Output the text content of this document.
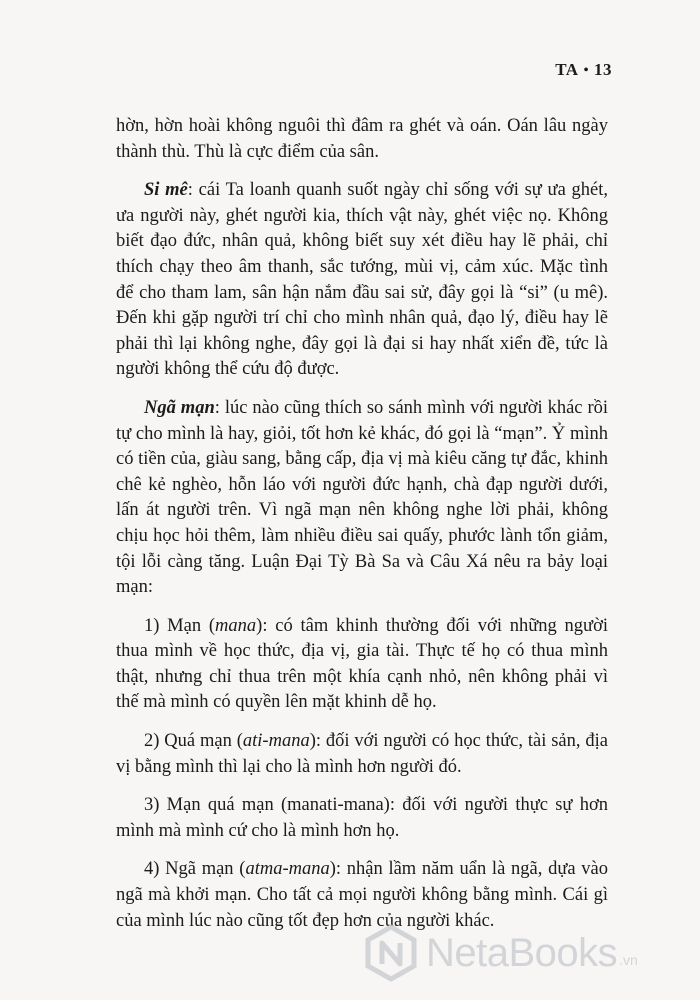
TA • 13

hờn, hờn hoài không nguôi thì đâm ra ghét và oán. Oán lâu ngày thành thù. Thù là cực điểm của sân.

Si mê: cái Ta loanh quanh suốt ngày chỉ sống với sự ưa ghét, ưa người này, ghét người kia, thích vật này, ghét việc nọ. Không biết đạo đức, nhân quả, không biết suy xét điều hay lẽ phải, chỉ thích chạy theo âm thanh, sắc tướng, mùi vị, cảm xúc. Mặc tình để cho tham lam, sân hận nắm đầu sai sử, đây gọi là “si” (u mê). Đến khi gặp người trí chỉ cho mình nhân quả, đạo lý, điều hay lẽ phải thì lại không nghe, đây gọi là đại si hay nhất xiển đề, tức là người không thể cứu độ được.

Ngã mạn: lúc nào cũng thích so sánh mình với người khác rồi tự cho mình là hay, giỏi, tốt hơn kẻ khác, đó gọi là “mạn”. Ỷ mình có tiền của, giàu sang, bằng cấp, địa vị mà kiêu căng tự đắc, khinh chê kẻ nghèo, hỗn láo với người đức hạnh, chà đạp người dưới, lấn át người trên. Vì ngã mạn nên không nghe lời phải, không chịu học hỏi thêm, làm nhiều điều sai quấy, phước lành tổn giảm, tội lỗi càng tăng. Luận Đại Tỳ Bà Sa và Câu Xá nêu ra bảy loại mạn:

1) Mạn (mana): có tâm khinh thường đối với những người thua mình về học thức, địa vị, gia tài. Thực tế họ có thua mình thật, nhưng chỉ thua trên một khía cạnh nhỏ, nên không phải vì thế mà mình có quyền lên mặt khinh dễ họ.

2) Quá mạn (ati-mana): đối với người có học thức, tài sản, địa vị bằng mình thì lại cho là mình hơn người đó.

3) Mạn quá mạn (manati-mana): đối với người thực sự hơn mình mà mình cứ cho là mình hơn họ.

4) Ngã mạn (atma-mana): nhận lầm năm uẩn là ngã, dựa vào ngã mà khởi mạn. Cho tất cả mọi người không bằng mình. Cái gì của mình lúc nào cũng tốt đẹp hơn của người khác.

NetaBooks .vn
